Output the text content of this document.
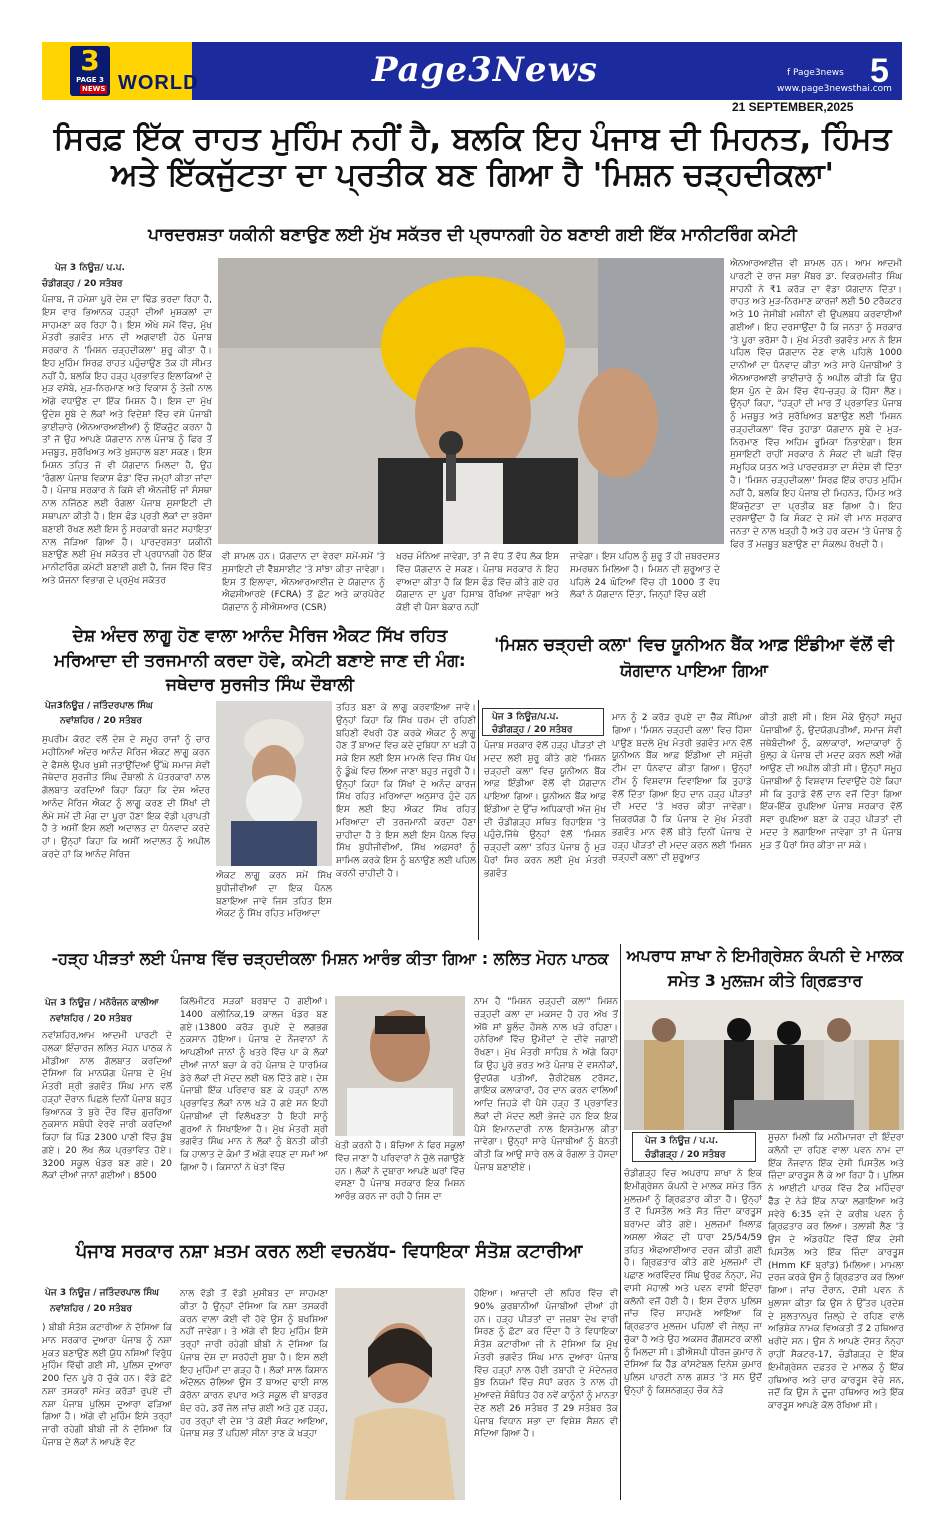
3
PAGE 3
NEWS WORLD	Page3News	f Page3news 5
www.page3newsthai.com
21 SEPTEMBER,2025
ਸਿਰਫ਼ ਇੱਕ ਰਾਹਤ ਮੁਹਿੰਮ ਨਹੀਂ ਹੈ, ਬਲਕਿ ਇਹ ਪੰਜਾਬ ਦੀ ਮਿਹਨਤ, ਹਿੰਮਤ ਅਤੇ ਇੱਕਜੁੱਟਤਾ ਦਾ ਪ੍ਰਤੀਕ ਬਣ ਗਿਆ ਹੈ 'ਮਿਸ਼ਨ ਚੜ੍ਹਦੀਕਲਾ'
ਪਾਰਦਰਸ਼ਤਾ ਯਕੀਨੀ ਬਣਾਉਣ ਲਈ ਮੁੱਖ ਸਕੱਤਰ ਦੀ ਪ੍ਰਧਾਨਗੀ ਹੇਠ ਬਣਾਈ ਗਈ ਇੱਕ ਮਾਨੀਟਰਿੰਗ ਕਮੇਟੀ
ਪੇਜ 3 ਨਿਊਜ਼/ ਪ.ਪ.
ਚੰਡੀਗੜ੍ਹ / 20 ਸਤੰਬਰ
ਪੰਜਾਬ, ਜੋ ਹਮੇਸ਼ਾ ਪੂਰੇ ਦੇਸ਼ ਦਾ ਢਿੱਡ ਭਰਦਾ ਰਿਹਾ ਹੈ, ਇਸ ਵਾਰ ਭਿਆਨਕ ਹੜ੍ਹਾਂ ਦੀਆਂ ਮੁਸ਼ਕਲਾਂ ਦਾ ਸਾਹਮਣਾ ਕਰ ਰਿਹਾ ਹੈ। ਇਸ ਔਖੇ ਸਮੇਂ ਵਿੱਚ, ਮੁੱਖ ਮੰਤਰੀ ਭਗਵੰਤ ਮਾਨ ਦੀ ਅਗਵਾਈ ਹੇਠ ਪੰਜਾਬ ਸਰਕਾਰ ਨੇ 'ਮਿਸ਼ਨ ਚੜ੍ਹਦੀਕਲਾ' ਸ਼ੁਰੂ ਕੀਤਾ ਹੈ। ਇਹ ਮੁਹਿੰਮ ਸਿਰਫ਼ ਰਾਹਤ ਪਹੁੰਚਾਉਣ ਤੱਕ ਹੀ ਸੀਮਤ ਨਹੀਂ ਹੈ, ਬਲਕਿ ਇਹ ਹੜ੍ਹ ਪ੍ਰਭਾਵਿਤ ਇਲਾਕਿਆਂ ਦੇ ਮੁੜ ਵਸੇਬੇ, ਮੁੜ-ਨਿਰਮਾਣ ਅਤੇ ਵਿਕਾਸ ਨੂੰ ਤੇਜ਼ੀ ਨਾਲ ਅੱਗੇ ਵਧਾਉਣ ਦਾ ਇੱਕ ਮਿਸ਼ਨ ਹੈ। ਇਸ ਦਾ ਮੁੱਖ ਉਦੇਸ਼ ਸੂਬੇ ਦੇ ਲੋਕਾਂ ਅਤੇ ਵਿਦੇਸ਼ਾਂ ਵਿੱਚ ਵਸੇ ਪੰਜਾਬੀ ਭਾਈਚਾਰੇ (ਐਨਆਰਆਈਆਂ) ਨੂੰ ਇੱਕਜੁੱਟ ਕਰਨਾ ਹੈ ਤਾਂ ਜੋ ਉਹ ਆਪਣੇ ਯੋਗਦਾਨ ਨਾਲ ਪੰਜਾਬ ਨੂੰ ਫਿਰ ਤੋਂ ਮਜ਼ਬੂਤ, ਸੁਰੱਖਿਅਤ ਅਤੇ ਖੁਸ਼ਹਾਲ ਬਣਾ ਸਕਣ। ਇਸ ਮਿਸ਼ਨ ਤਹਿਤ ਜੋ ਵੀ ਯੋਗਦਾਨ ਮਿਲਦਾ ਹੈ, ਉਹ 'ਰੰਗਲਾ ਪੰਜਾਬ ਵਿਕਾਸ ਫੰਡ' ਵਿੱਚ ਜਮ੍ਹਾਂ ਕੀਤਾ ਜਾਂਦਾ ਹੈ। ਪੰਜਾਬ ਸਰਕਾਰ ਨੇ ਕਿਸੇ ਵੀ ਐਨਜੀਓ ਜਾਂ ਸੰਸਥਾ ਨਾਲ ਨਜਿੱਠਣ ਲਈ ਰੰਗਲਾ ਪੰਜਾਬ ਸੁਸਾਇਟੀ ਦੀ ਸਥਾਪਨਾ ਕੀਤੀ ਹੈ। ਇਸ ਫੰਡ ਪ੍ਰਤੀ ਲੋਕਾਂ ਦਾ ਭਰੋਸਾ ਬਣਾਈ ਰੱਖਣ ਲਈ ਇਸ ਨੂੰ ਸਰਕਾਰੀ ਬਜਟ ਸਹਾਇਤਾ ਨਾਲ ਜੋੜਿਆ ਗਿਆ ਹੈ। ਪਾਰਦਰਸ਼ਤਾ ਯਕੀਨੀ ਬਣਾਉਣ ਲਈ ਮੁੱਖ ਸਕੱਤਰ ਦੀ ਪ੍ਰਧਾਨਗੀ ਹੇਠ ਇੱਕ ਮਾਨੀਟਰਿੰਗ ਕਮੇਟੀ ਬਣਾਈ ਗਈ ਹੈ, ਜਿਸ ਵਿੱਚ ਵਿੱਤ ਅਤੇ ਯੋਜਨਾ ਵਿਭਾਗ ਦੇ ਪ੍ਰਮੁੱਖ ਸਕੱਤਰ
ਵੀ ਸ਼ਾਮਲ ਹਨ। ਯੋਗਦਾਨ ਦਾ ਵੇਰਵਾ ਸਮੇਂ-ਸਮੇਂ 'ਤੇ ਸੁਸਾਇਟੀ ਦੀ ਵੈੱਬਸਾਈਟ 'ਤੇ ਸਾਂਝਾ ਕੀਤਾ ਜਾਵੇਗਾ। ਇਸ ਤੋਂ ਇਲਾਵਾ, ਐਨਆਰਆਈਜ਼ ਦੇ ਯੋਗਦਾਨ ਨੂੰ ਐਫਸੀਆਰਏ (FCRA) ਤੋਂ ਛੋਟ ਅਤੇ ਕਾਰਪੋਰੇਟ ਯੋਗਦਾਨ ਨੂੰ ਸੀਐਸਆਰ (CSR)
ਖਰਚ ਮੰਨਿਆ ਜਾਵੇਗਾ, ਤਾਂ ਜੋ ਵੱਧ ਤੋਂ ਵੱਧ ਲੋਕ ਇਸ ਵਿੱਚ ਯੋਗਦਾਨ ਦੇ ਸਕਣ। ਪੰਜਾਬ ਸਰਕਾਰ ਨੇ ਇਹ ਵਾਅਦਾ ਕੀਤਾ ਹੈ ਕਿ ਇਸ ਫੰਡ ਵਿੱਚ ਕੀਤੇ ਗਏ ਹਰ ਯੋਗਦਾਨ ਦਾ ਪੂਰਾ ਹਿਸਾਬ ਰੱਖਿਆ ਜਾਵੇਗਾ ਅਤੇ ਕੋਈ ਵੀ ਪੈਸਾ ਬੇਕਾਰ ਨਹੀਂ
ਜਾਵੇਗਾ। ਇਸ ਪਹਿਲ ਨੂੰ ਸ਼ੁਰੂ ਤੋਂ ਹੀ ਜ਼ਬਰਦਸਤ ਸਮਰਥਨ ਮਿਲਿਆ ਹੈ। ਮਿਸ਼ਨ ਦੀ ਸ਼ੁਰੂਆਤ ਦੇ ਪਹਿਲੇ 24 ਘੰਟਿਆਂ ਵਿੱਚ ਹੀ 1000 ਤੋਂ ਵੱਧ ਲੋਕਾਂ ਨੇ ਯੋਗਦਾਨ ਦਿੱਤਾ, ਜਿਨ੍ਹਾਂ ਵਿੱਚ ਕਈ
ਐਨਆਰਆਈਜ਼ ਵੀ ਸ਼ਾਮਲ ਹਨ। ਆਮ ਆਦਮੀ ਪਾਰਟੀ ਦੇ ਰਾਜ ਸਭਾ ਮੈਂਬਰ ਡਾ. ਵਿਕਰਮਜੀਤ ਸਿੰਘ ਸਾਹਨੀ ਨੇ ₹1 ਕਰੋੜ ਦਾ ਵੱਡਾ ਯੋਗਦਾਨ ਦਿੱਤਾ। ਰਾਹਤ ਅਤੇ ਮੁੜ-ਨਿਰਮਾਣ ਕਾਰਜਾਂ ਲਈ 50 ਟਰੈਕਟਰ ਅਤੇ 10 ਜੇਸੀਬੀ ਮਸ਼ੀਨਾਂ ਵੀ ਉਪਲਬਧ ਕਰਵਾਈਆਂ ਗਈਆਂ। ਇਹ ਦਰਸਾਉਂਦਾ ਹੈ ਕਿ ਜਨਤਾ ਨੂੰ ਸਰਕਾਰ 'ਤੇ ਪੂਰਾ ਭਰੋਸਾ ਹੈ। ਮੁੱਖ ਮੰਤਰੀ ਭਗਵੰਤ ਮਾਨ ਨੇ ਇਸ ਪਹਿਲ ਵਿੱਚ ਯੋਗਦਾਨ ਦੇਣ ਵਾਲੇ ਪਹਿਲੇ 1000 ਦਾਨੀਆਂ ਦਾ ਧੰਨਵਾਦ ਕੀਤਾ ਅਤੇ ਸਾਰੇ ਪੰਜਾਬੀਆਂ ਤੇ ਐਨਆਰਆਈ ਭਾਈਚਾਰੇ ਨੂੰ ਅਪੀਲ ਕੀਤੀ ਕਿ ਉਹ ਇਸ ਪੁੰਨ ਦੇ ਕੰਮ ਵਿੱਚ ਵੱਧ-ਚੜ੍ਹ ਕੇ ਹਿੱਸਾ ਲੈਣ। ਉਨ੍ਹਾਂ ਕਿਹਾ, "ਹੜ੍ਹਾਂ ਦੀ ਮਾਰ ਤੋਂ ਪ੍ਰਭਾਵਿਤ ਪੰਜਾਬ ਨੂੰ ਮਜ਼ਬੂਤ ਅਤੇ ਸੁਰੱਖਿਅਤ ਬਣਾਉਣ ਲਈ 'ਮਿਸ਼ਨ ਚੜ੍ਹਦੀਕਲਾ' ਵਿੱਚ ਤੁਹਾਡਾ ਯੋਗਦਾਨ ਸੂਬੇ ਦੇ ਮੁੜ-ਨਿਰਮਾਣ ਵਿੱਚ ਅਹਿਮ ਭੂਮਿਕਾ ਨਿਭਾਏਗਾ। ਇਸ ਸੁਸਾਇਟੀ ਰਾਹੀਂ ਸਰਕਾਰ ਨੇ ਸੰਕਟ ਦੀ ਘੜੀ ਵਿੱਚ ਸਮੂਹਿਕ ਯਤਨ ਅਤੇ ਪਾਰਦਰਸ਼ਤਾ ਦਾ ਸੰਦੇਸ਼ ਵੀ ਦਿੱਤਾ ਹੈ। 'ਮਿਸ਼ਨ ਚੜ੍ਹਦੀਕਲਾ' ਸਿਰਫ਼ ਇੱਕ ਰਾਹਤ ਮੁਹਿੰਮ ਨਹੀਂ ਹੈ, ਬਲਕਿ ਇਹ ਪੰਜਾਬ ਦੀ ਮਿਹਨਤ, ਹਿੰਮਤ ਅਤੇ ਇੱਕਜੁੱਟਤਾ ਦਾ ਪ੍ਰਤੀਕ ਬਣ ਗਿਆ ਹੈ। ਇਹ ਦਰਸਾਉਂਦਾ ਹੈ ਕਿ ਸੰਕਟ ਦੇ ਸਮੇਂ ਵੀ ਮਾਨ ਸਰਕਾਰ ਜਨਤਾ ਦੇ ਨਾਲ ਖੜ੍ਹੀ ਹੈ ਅਤੇ ਹਰ ਕਦਮ 'ਤੇ ਪੰਜਾਬ ਨੂੰ ਫਿਰ ਤੋਂ ਮਜ਼ਬੂਤ ਬਣਾਉਣ ਦਾ ਸੰਕਲਪ ਰੱਖਦੀ ਹੈ।
ਦੇਸ਼ ਅੰਦਰ ਲਾਗੂ ਹੋਣ ਵਾਲਾ ਆਨੰਦ ਮੈਰਿਜ ਐਕਟ ਸਿੱਖ ਰਹਿਤ ਮਰਿਆਦਾ ਦੀ ਤਰਜਮਾਨੀ ਕਰਦਾ ਹੋਵੇ, ਕਮੇਟੀ ਬਣਾਏ ਜਾਣ ਦੀ ਮੰਗ: ਜਥੇਦਾਰ ਸੁਰਜੀਤ ਸਿੰਘ ਦੌਬਾਲੀ
ਪੇਜ3ਨਿਊਜ਼ / ਜਤਿੰਦਰਪਾਲ ਸਿੰਘ
ਨਵਾਂਸ਼ਹਿਰ / 20 ਸਤੰਬਰ
ਸੁਪਰੀਮ ਕੋਰਟ ਵਲੋਂ ਦੇਸ਼ ਦੇ ਸਮੂਹ ਰਾਜਾਂ ਨੂੰ ਚਾਰ ਮਹੀਨਿਆਂ ਅੰਦਰ ਆਨੰਦ ਮੈਰਿਜ ਐਕਟ ਲਾਗੂ ਕਰਨ ਦੇ ਫੈਸਲੇ ਉਪਰ ਖੁਸ਼ੀ ਜਤਾਉਂਦਿਆਂ ਉੱਘੇ ਸਮਾਜ ਸੇਵੀ ਜੱਥੇਦਾਰ ਸੁਰਜੀਤ ਸਿੰਘ ਦੌਬਾਲੀ ਨੇ ਪੱਤਰਕਾਰਾਂ ਨਾਲ ਗੱਲਬਾਤ ਕਰਦਿਆਂ ਕਿਹਾ ਕਿਹਾ ਕਿ ਦੇਸ਼ ਅੰਦਰ ਆਨੰਦ ਮੈਰਿਜ ਐਕਟ ਨੂੰ ਲਾਗੂ ਕਰਣ ਦੀ ਸਿੱਖਾਂ ਦੀ ਲੰਮੇ ਸਮੇਂ ਦੀ ਮੰਗ ਦਾ ਪੂਰਾ ਹੋਣਾ ਇਕ ਵੱਡੀ ਪ੍ਰਾਪਤੀ ਹੈ ਤੇ ਅਸੀਂ ਇਸ ਲਈ ਅਦਾਲਤ ਦਾ ਧੰਨਵਾਦ ਕਰਦੇ ਹਾਂ। ਉਨ੍ਹਾਂ ਕਿਹਾ ਕਿ ਅਸੀਂ ਅਦਾਲਤ ਨੂੰ ਅਪੀਲ ਕਰਦੇ ਹਾਂ ਕਿ ਆਨੰਦ ਮੈਰਿਜ
ਐਕਟ ਲਾਗੂ ਕਰਨ ਸਮੇਂ ਸਿੱਖ ਬੁਧੀਜੀਵੀਆਂ ਦਾ ਇਕ ਪੈਨਲ ਬਣਾਇਆ ਜਾਵੇ ਜਿਸ ਤਹਿਤ ਇਸ ਐਕਟ ਨੂੰ ਸਿੱਖ ਰਹਿਤ ਮਰਿਆਦਾ
ਤਹਿਤ ਬਣਾ ਕੇ ਲਾਗੂ ਕਰਵਾਇਆ ਜਾਵੇ। ਉਨ੍ਹਾਂ ਕਿਹਾ ਕਿ ਸਿੱਖ ਧਰਮ ਦੀ ਰਹਿਣੀ ਬਹਿਣੀ ਵੱਖਰੀ ਹੋਣ ਕਰਕੇ ਐਕਟ ਨੂੰ ਲਾਗੂ ਹੋਣ ਤੋਂ ਬਾਅਦ ਵਿਚ ਕਦੇ ਦੁਬਿਧਾ ਨਾ ਖੜੀ ਹੋ ਸਕੇ ਇਸ ਲਈ ਇਸ ਮਾਮਲੇ ਵਿਚ ਸਿੱਖ ਪੱਖ ਨੂੰ ਡੂੰਘੇ ਵਿਚ ਲਿਆ ਜਾਣਾ ਬਹੁਤ ਜਰੂਰੀ ਹੈ। ਉਨ੍ਹਾਂ ਕਿਹਾ ਕਿ ਸਿੱਖਾਂ ਦੇ ਅਨੰਦ ਕਾਰਜ ਸਿੱਖ ਰਹਿਤ ਮਰਿਆਦਾ ਅਨੁਸਾਰ ਹੁੰਦੇ ਹਨ ਇਸ ਲਈ ਇਹ ਐਕਟ ਸਿੱਖ ਰਹਿਤ ਮਰਿਆਦਾ ਦੀ ਤਰਜਮਾਨੀ ਕਰਦਾ ਹੋਣਾ ਚਾਹੀਦਾ ਹੈ ਤੇ ਇਸ ਲਈ ਇਸ ਪੈਨਲ ਵਿਚ ਸਿੱਖ ਬੁਧੀਜੀਵੀਆਂ, ਸਿੱਖ ਅਫ਼ਸਰਾਂ ਨੂੰ ਸ਼ਾਮਿਲ ਕਰਕੇ ਇਸ ਨੂੰ ਬਨਾਉਣ ਲਈ ਪਹਿਲ ਕਰਨੀ ਚਾਹੀਦੀ ਹੈ।
'ਮਿਸ਼ਨ ਚੜ੍ਹਦੀ ਕਲਾ' ਵਿਚ ਯੂਨੀਅਨ ਬੈਂਕ ਆਫ਼ ਇੰਡੀਆ ਵੱਲੋਂ ਵੀ ਯੋਗਦਾਨ ਪਾਇਆ ਗਿਆ
ਪੇਜ 3 ਨਿਊਜ਼/ਪ.ਪ.
ਚੰਡੀਗੜ੍ਹ / 20 ਸਤੰਬਰ
ਪੰਜਾਬ ਸਰਕਾਰ ਵੱਲੋਂ ਹੜ੍ਹ ਪੀੜਤਾਂ ਦੀ ਮਦਦ ਲਈ ਸ਼ੁਰੂ ਕੀਤੇ ਗਏ 'ਮਿਸ਼ਨ ਚੜ੍ਹਦੀ ਕਲਾ' ਵਿਚ ਯੂਨੀਅਨ ਬੈਂਕ ਆਫ਼ ਇੰਡੀਆ ਵੱਲੋਂ ਵੀ ਯੋਗਦਾਨ ਪਾਇਆ ਗਿਆ। ਯੂਨੀਅਨ ਬੈਂਕ ਆਫ਼ ਇੰਡੀਆ ਦੇ ਉੱਚ ਅਧਿਕਾਰੀ ਅੱਜ ਮੁੱਖ ਦੀ ਚੰਡੀਗੜ੍ਹ ਸਥਿਤ ਰਿਹਾਇਸ਼ 'ਤੇ ਪਹੁੰਚੇ,ਜਿੱਥੇ ਉਨ੍ਹਾਂ ਵੱਲੋਂ 'ਮਿਸ਼ਨ ਚੜ੍ਹਦੀ ਕਲਾ' ਤਹਿਤ ਪੰਜਾਬ ਨੂੰ ਮੁੜ ਪੈਰਾਂ ਸਿਰ ਕਰਨ ਲਈ ਮੁੱਖ ਮੰਤਰੀ ਭਗਵੰਤ
ਮਾਨ ਨੂੰ 2 ਕਰੋੜ ਰੁਪਏ ਦਾ ਚੈੱਕ ਸੌਂਪਿਆ ਗਿਆ। 'ਮਿਸ਼ਨ ਚੜ੍ਹਦੀ ਕਲਾ' ਵਿਚ ਹਿੱਸਾ ਪਾਉਣ ਬਦਲੇ ਮੁੱਖ ਮੰਤਰੀ ਭਗਵੰਤ ਮਾਨ ਵੱਲੋਂ ਯੂਨੀਅਨ ਬੈਂਕ ਆਫ਼ ਇੰਡੀਆ ਦੀ ਸਮੁੱਚੀ ਟੀਮ ਦਾ ਧੰਨਵਾਦ ਕੀਤਾ ਗਿਆ। ਉਨ੍ਹਾਂ ਟੀਮ ਨੂੰ ਵਿਸ਼ਵਾਸ ਦਿਵਾਇਆ ਕਿ ਤੁਹਾਡੇ ਵੱਲੋਂ ਦਿੱਤਾ ਗਿਆ ਇਹ ਦਾਨ ਹੜ੍ਹ ਪੀੜਤਾਂ ਦੀ ਮਦਦ 'ਤੇ ਖ਼ਰਚ ਕੀਤਾ ਜਾਵੇਗਾ। ਜ਼ਿਕਰਯੋਗ ਹੈ ਕਿ ਪੰਜਾਬ ਦੇ ਮੁੱਖ ਮੰਤਰੀ ਭਗਵੰਤ ਮਾਨ ਵੱਲੋਂ ਬੀਤੇ ਦਿਨੀਂ ਪੰਜਾਬ ਦੇ ਹੜ੍ਹ ਪੀੜਤਾਂ ਦੀ ਮਦਦ ਕਰਨ ਲਈ 'ਮਿਸ਼ਨ ਚੜ੍ਹਦੀ ਕਲਾ' ਦੀ ਸ਼ੁਰੂਆਤ
ਕੀਤੀ ਗਈ ਸੀ। ਇਸ ਮੌਕੇ ਉਨ੍ਹਾਂ ਸਮੂਹ ਪੰਜਾਬੀਆਂ ਨੂੰ, ਉਦਯੋਗਪਤੀਆਂ, ਸਮਾਜ ਸੇਵੀ ਜਥੇਬੰਦੀਆਂ ਨੂੰ, ਕਲਾਕਾਰਾਂ, ਅਦਾਕਾਰਾਂ ਨੂੰ ਖੁੱਲ੍ਹ ਕੇ ਪੰਜਾਬ ਦੀ ਮਦਦ ਕਰਨ ਲਈ ਅੱਗੇ ਆਉਣ ਦੀ ਅਪੀਲ ਕੀਤੀ ਸੀ। ਉਨ੍ਹਾਂ ਸਮੂਹ ਪੰਜਾਬੀਆਂ ਨੂੰ ਵਿਸ਼ਵਾਸ ਦਿਵਾਉਂਦੇ ਹੋਏ ਕਿਹਾ ਸੀ ਕਿ ਤੁਹਾਡੇ ਵੱਲੋਂ ਦਾਨ ਵਜੋਂ ਦਿੱਤਾ ਗਿਆ ਇੱਕ-ਇੱਕ ਰੁਪਇਆ ਪੰਜਾਬ ਸਰਕਾਰ ਵੱਲੋਂ ਸਵਾ ਰੁਪਇਆ ਬਣਾ ਕੇ ਹੜ੍ਹ ਪੀੜਤਾਂ ਦੀ ਮਦਦ ਤੇ ਲਗਾਇਆ ਜਾਵੇਗਾ ਤਾਂ ਜੋ ਪੰਜਾਬ ਮੁੜ ਤੋਂ ਪੈਰਾਂ ਸਿਰ ਕੀਤਾ ਜਾ ਸਕੇ।
-ਹੜ੍ਹ ਪੀੜਤਾਂ ਲਈ ਪੰਜਾਬ ਵਿੱਚ ਚੜ੍ਹਦੀਕਲਾ ਮਿਸ਼ਨ ਆਰੰਭ ਕੀਤਾ ਗਿਆ : ਲਲਿਤ ਮੋਹਨ ਪਾਠਕ
ਪੇਜ 3 ਨਿਊਜ਼ / ਮਨੋਰੰਜਨ ਕਾਲੀਆ
ਨਵਾਂਸ਼ਹਿਰ / 20 ਸਤੰਬਰ
ਨਵਾਂਸ਼ਹਿਰ,ਆਮ ਆਦਮੀ ਪਾਰਟੀ ਦੇ ਹਲਕਾ ਇੰਚਾਰਜ ਲਲਿਤ ਮੋਹਨ ਪਾਠਕ ਨੇ ਮੀਡੀਆ ਨਾਲ ਗੱਲਬਾਤ ਕਰਦਿਆਂ ਦੱਸਿਆ ਕਿ ਮਾਨਯੋਗ ਪੰਜਾਬ ਦੇ ਮੁੱਖ ਮੰਤਰੀ ਸ਼੍ਰੀ ਭਗਵੰਤ ਸਿੰਘ ਮਾਨ ਵਲੋਂ ਹੜ੍ਹਾਂ ਦੌਰਾਨ ਪਿਛਲੇ ਦਿਨੀਂ ਪੰਜਾਬ ਬਹੁਤ ਭਿਆਨਕ ਤੇ ਬੁਰੇ ਦੌਰ ਵਿੱਚ ਗੁਜ਼ਰਿਆ ਨੁਕਸਾਨ ਸਬੰਧੀ ਵੇਰਵੇ ਜਾਰੀ ਕਰਦਿਆਂ ਕਿਹਾ ਕਿ ਪਿੰਡ 2300 ਪਾਣੀ ਵਿੱਚ ਡੁੱਬ ਗਏ। 20 ਲੱਖ ਲੋਕ ਪ੍ਰਭਾਵਿਤ ਹੋਏ। 3200 ਸਕੂਲ ਖੰਡਰ ਬਣ ਗਏ। 20 ਲੋਕਾਂ ਦੀਆਂ ਜਾਨਾਂ ਗਈਆਂ। 8500
ਕਿਲੋਮੀਟਰ ਸੜਕਾਂ ਬਰਬਾਦ ਹੋ ਗਈਆਂ।1400 ਕਲੀਨਿਕ,19 ਕਾਲਜ ਖੰਡਰ ਬਣ ਗਏ।13800 ਕਰੋੜ ਰੁਪਏ ਦੇ ਲਗਭਗ ਨੁਕਸਾਨ ਹੋਇਆ। ਪੰਜਾਬ ਦੇ ਨੌਜਵਾਨਾਂ ਨੇ ਆਪਣੀਆਂ ਜਾਨਾਂ ਨੂੰ ਖਤਰੇ ਵਿੱਚ ਪਾ ਕੇ ਲੋਕਾਂ ਦੀਆਂ ਜਾਨਾਂ ਬਚਾ ਕੇ ਰਹੇ ਪੰਜਾਬ ਦੇ ਧਾਰਮਿਕ ਡੇਰੇ ਲੋਕਾਂ ਦੀ ਮੱਦਦ ਲਈ ਖੋਲ ਦਿੱਤੇ ਗਏ। ਦੇਸ਼ ਪੰਜਾਬੀ ਇੱਕ ਪਰਿਵਾਰ ਬਣ ਕੇ ਹੜ੍ਹਾਂ ਨਾਲ ਪ੍ਰਭਾਵਿਤ ਲੋਕਾਂ ਨਾਲ ਖੜੇ ਹੋ ਗਏ ਸਨ ਇਹੀ ਪੰਜਾਬੀਆਂ ਦੀ ਵਿਲੱਖਣਤਾ ਹੈ ਇਹੀ ਸਾਨੂੰ ਗੁਰਆਂ ਨੇ ਸਿਖਾਇਆ ਹੈ। ਮੁੱਖ ਮੰਤਰੀ ਸ਼੍ਰੀ ਭਗਵੰਤ ਸਿੰਘ ਮਾਨ ਨੇ ਲੋਕਾਂ ਨੂੰ ਬੇਨਤੀ ਕੀਤੀ ਕਿ ਹਾਲਾਤ ਦੇ ਕੰਮਾਂ ਤੋਂ ਅੱਗੇ ਵਧਣ ਦਾ ਸਮਾਂ ਆ ਗਿਆ ਹੈ। ਕਿਸਾਨਾਂ ਨੇ ਖੇਤਾਂ ਵਿੱਚ
ਖੇਤੀ ਕਰਨੀ ਹੈ। ਬੱਚਿਆ ਨੇ ਫਿਰ ਸਕੂਲਾਂ ਵਿੱਚ ਜਾਣਾ ਹੈ ਪਰਿਵਾਰਾਂ ਨੇ ਚੁੱਲੇ ਜਗਾਉਣੇ ਹਨ। ਲੋਕਾਂ ਨੇ ਦੁਬਾਰਾ ਆਪਣੇ ਘਰਾਂ ਵਿੱਚ ਵਸਣਾ ਹੈ ਪੰਜਾਬ ਸਰਕਾਰ ਇਕ ਮਿਸ਼ਨ ਆਰੰਭ ਕਰਨ ਜਾ ਰਹੀ ਹੈ ਜਿਸ ਦਾ
ਨਾਮ ਹੈ "ਮਿਸ਼ਨ ਚੜ੍ਹਦੀ ਕਲਾ" ਮਿਸ਼ਨ ਚੜ੍ਹਦੀ ਕਲਾ ਦਾ ਮਕਸਦ ਹੈ ਹਰ ਅੱਖ ਤੋਂ ਅੱਥੋ ਸਾਂ ਬੂਲੰਦ ਹੌਸਲੇ ਨਾਲ ਖੜੇ ਰਹਿਣਾ। ਹਨੇਰਿਆਂ ਵਿੱਚ ਉਮੀਦਾਂ ਦੇ ਦੀਵੇ ਜਗਾਈ ਰੱਖਣਾ। ਮੁੱਖ ਮੰਤਰੀ ਸਾਹਿਬ ਨੇ ਅੱਗੇ ਕਿਹਾ ਕਿ ਉਹ ਪੂਰੇ ਭਰਤ ਅਤੇ ਪੰਜਾਬ ਦੇ ਵਸਨੀਕਾਂ, ਉਦਯੋਗ ਪਤੀਆਂ, ਚੈਰੀਟੇਬਲ ਟਰੱਸਟ, ਗਾਇਕ ਕਲਾਕਾਰਾਂ, ਹੋਰ ਦਾਨ ਕਰਨ ਵਾਲਿਆਂ ਆਦਿ ਜਿਹੜੇ ਵੀ ਪੈਸੇ ਹੜ੍ਹ ਤੋਂ ਪ੍ਰਭਾਵਿਤ ਲੋਕਾਂ ਦੀ ਮੱਦਦ ਲਈ ਭੇਜਦੇ ਹਨ ਇਕ ਇਕ ਪੈਸੇ ਇਮਾਨਦਾਰੀ ਨਾਲ ਇਸਤੇਮਾਲ ਕੀਤਾ ਜਾਵੇਗਾ। ਉਨ੍ਹਾਂ ਸਾਰੇ ਪੰਜਾਬੀਆਂ ਨੂੰ ਬੇਨਤੀ ਕੀਤੀ ਕਿ ਆਉ ਸਾਰੇ ਰਲ ਕੇ ਰੰਗਲਾ ਤੇ ਹੱਸਦਾ ਪੰਜਾਬ ਬਣਾਈਏ।
ਅਪਰਾਧ ਸ਼ਾਖਾ ਨੇ ਇਮੀਗ੍ਰੇਸ਼ਨ ਕੰਪਨੀ ਦੇ ਮਾਲਕ ਸਮੇਤ 3 ਮੁਲਜ਼ਮ ਕੀਤੇ ਗ੍ਰਿਫ਼ਤਾਰ
ਪੇਜ 3 ਨਿਊਜ਼ / ਪ.ਪ.
ਚੰਡੀਗੜ੍ਹ / 20 ਸਤੰਬਰ
ਚੰਡੀਗੜ੍ਹ ਵਿਚ ਅਪਰਾਧ ਸ਼ਾਖਾ ਨੇ ਇਕ ਇਮੀਗ੍ਰੇਸ਼ਨ ਕੰਪਨੀ ਦੇ ਮਾਲਕ ਸਮੇਤ ਤਿੰਨ ਮੁਲਜ਼ਮਾਂ ਨੂੰ ਗ੍ਰਿਫ਼ਤਾਰ ਕੀਤਾ ਹੈ। ਉਨ੍ਹਾਂ ਤੋਂ ਦੋ ਪਿਸਤੌਲ ਅਤੇ ਸੱਤ ਜ਼ਿੰਦਾ ਕਾਰਤੂਸ ਬਰਾਮਦ ਕੀਤੇ ਗਏ। ਮੁਲਜ਼ਮਾਂ ਖ਼ਿਲਾਫ਼ ਅਸਲਾ ਐਕਟ ਦੀ ਧਾਰਾ 25/54/59 ਤਹਿਤ ਐਫਆਈਆਰ ਦਰਜ ਕੀਤੀ ਗਈ ਹੈ। ਗ੍ਰਿਫ਼ਤਾਰ ਕੀਤੇ ਗਏ ਮੁਲਜ਼ਮਾਂ ਦੀ ਪਛਾਣ ਅਰਵਿੰਦਰ ਸਿੰਘ ਉਰਫ਼ ਨੰਨ੍ਹਾ, ਮੌਹ ਵਾਸੀ ਮੋਹਾਲੀ ਅਤੇ ਪਵਨ ਵਾਸੀ ਇੰਦਰਾ ਕਲੋਨੀ ਵਜੋਂ ਹੋਈ ਹੈ। ਇਸ ਦੌਰਾਨ ਪੁਲਿਸ ਜਾਂਚ ਵਿੱਚ ਸਾਹਮਣੇ ਆਇਆ ਕਿ ਗ੍ਰਿਫ਼ਤਾਰ ਮੁਲਜ਼ਮ ਪਹਿਲਾਂ ਵੀ ਜੇਲ੍ਹ ਜਾ ਚੁੱਕਾ ਹੈ ਅਤੇ ਉਹ ਅਕਸਰ ਗੈਂਗਸਟਰ ਕਾਲੀ ਨੂੰ ਮਿਲਦਾ ਸੀ। ਡੀਐਸਪੀ ਧੀਰਜ ਕੁਮਾਰ ਨੇ ਦੱਸਿਆ ਕਿ ਹੈੱਡ ਕਾਂਸਟੇਬਲ ਦਿਨੇਸ਼ ਕੁਮਾਰ ਪੁਲਿਸ ਪਾਰਟੀ ਨਾਲ ਗਸ਼ਤ 'ਤੇ ਸਨ ਉਦੋਂ ਉਨ੍ਹਾਂ ਨੂੰ ਕਿਸ਼ਨਗੜ੍ਹ ਚੌਕ ਨੇੜੇ
ਸੂਚਨਾ ਮਿਲੀ ਕਿ ਮਨੀਮਾਜਰਾ ਦੀ ਇੰਦਰਾ ਕਲੋਨੀ ਦਾ ਰਹਿਣ ਵਾਲਾ ਪਵਨ ਨਾਮ ਦਾ ਇੱਕ ਨੌਜਵਾਨ ਇੱਕ ਦੇਸੀ ਪਿਸਤੌਲ ਅਤੇ ਜ਼ਿੰਦਾ ਕਾਰਤੂਸ ਲੈ ਕੇ ਆ ਰਿਹਾ ਹੈ। ਪੁਲਿਸ ਨੇ ਆਈਟੀ ਪਾਰਕ ਵਿੱਚ ਟੈਕ ਮਹਿੰਦਰਾ ਫੈੱਡ ਦੇ ਨੇੜੇ ਇੱਕ ਨਾਕਾ ਲਗਾਇਆ ਅਤੇ ਸਵੇਰੇ 6:35 ਵਜੇ ਦੇ ਕਰੀਬ ਪਵਨ ਨੂੰ ਗ੍ਰਿਫ਼ਤਾਰ ਕਰ ਲਿਆ। ਤਲਾਸ਼ੀ ਲੈਣ 'ਤੇ ਉਸ ਦੇ ਅੰਡਰਪੈਂਟ ਵਿੱਚੋਂ ਇੱਕ ਦੇਸੀ ਪਿਸਤੌਲ ਅਤੇ ਇੱਕ ਜ਼ਿੰਦਾ ਕਾਰਤੂਸ (Hmm KF ਬ੍ਰਾਂਡ) ਮਿਲਿਆ। ਮਾਮਲਾ ਦਰਜ ਕਰਕੇ ਉਸ ਨੂੰ ਗ੍ਰਿਫ਼ਤਾਰ ਕਰ ਲਿਆ ਗਿਆ। ਜਾਂਚ ਦੌਰਾਨ, ਦੋਸ਼ੀ ਪਵਨ ਨੇ ਖੁਲਾਸਾ ਕੀਤਾ ਕਿ ਉਸ ਨੇ ਉੱਤਰ ਪ੍ਰਦੇਸ਼ ਦੇ ਸੁਲਤਾਨਪੁਰ ਜ਼ਿਲ੍ਹੇ ਦੇ ਰਹਿਣ ਵਾਲੇ ਅਭਿਸ਼ੇਕ ਨਾਮਕ ਵਿਅਕਤੀ ਤੋਂ 2 ਹਥਿਆਰ ਖਰੀਦੇ ਸਨ। ਉਸ ਨੇ ਆਪਣੇ ਦੋਸਤ ਨੰਨ੍ਹਾ ਰਾਹੀਂ ਸੈਕਟਰ-17, ਚੰਡੀਗੜ੍ਹ ਦੇ ਇੱਕ ਇਮੀਗ੍ਰੇਸ਼ਨ ਦਫ਼ਤਰ ਦੇ ਮਾਲਕ ਨੂੰ ਇੱਕ ਹਥਿਆਰ ਅਤੇ ਚਾਰ ਕਾਰਤੂਸ ਵੇਚੇ ਸਨ, ਜਦੋਂ ਕਿ ਉਸ ਨੇ ਦੂਜਾ ਹਥਿਆਰ ਅਤੇ ਇੱਕ ਕਾਰਤੂਸ ਆਪਣੇ ਕੋਲ ਰੱਖਿਆ ਸੀ।
ਪੰਜਾਬ ਸਰਕਾਰ ਨਸ਼ਾ ਖ਼ਤਮ ਕਰਨ ਲਈ ਵਚਨਬੱਧ- ਵਿਧਾਇਕਾ ਸੰਤੋਸ਼ ਕਟਾਰੀਆ
ਪੇਜ 3 ਨਿਊਜ਼ / ਜਤਿੰਦਰਪਾਲ ਸਿੰਘ
ਨਵਾਂਸ਼ਹਿਰ / 20 ਸਤੰਬਰ
) ਬੀਬੀ ਸੰਤੋਸ਼ ਕਟਾਰੀਆ ਨੇ ਦੱਸਿਆ ਕਿ ਮਾਨ ਸਰਕਾਰ ਦੁਆਰਾ ਪੰਜਾਬ ਨੂੰ ਨਸ਼ਾ ਮੁਕਤ ਬਣਾਉਣ ਲਈ ਯੁੱਧ ਨਸ਼ਿਆਂ ਵਿਰੁੱਧ ਮੁਹਿੰਮ ਵਿੱਢੀ ਗਈ ਸੀ, ਪੁਲਿਸ ਦੁਆਰਾ 200 ਦਿਨ ਪੂਰੇ ਹੋ ਚੁੱਕੇ ਹਨ। ਵੱਡੇ ਛੋਟੇ ਨਸ਼ਾ ਤਸਕਰਾਂ ਸਮੇਤ ਕਰੋੜਾਂ ਰੁਪਏ ਦੀ ਨਸ਼ਾ ਪੰਜਾਬ ਪੁਲਿਸ ਦੁਆਰਾ ਫੜਿਆ ਗਿਆ ਹੈ। ਅੱਗੇ ਵੀ ਮੁਹਿੰਮ ਇਸੇ ਤਰ੍ਹਾਂ ਜਾਰੀ ਰਹੇਗੀ ਬੀਬੀ ਜੀ ਨੇ ਦੱਸਿਆ ਕਿ ਪੰਜਾਬ ਦੇ ਲੋਕਾਂ ਨੇ ਆਪਣੇ ਵੋਟ
ਨਾਲ ਵੱਡੀ ਤੋਂ ਵੱਡੀ ਮੁਸੀਬਤ ਦਾ ਸਾਹਮਣਾ ਕੀਤਾ ਹੈ ਉਨ੍ਹਾਂ ਦੱਸਿਆ ਕਿ ਨਸ਼ਾ ਤਸਕਰੀ ਕਰਨ ਵਾਲਾ ਕੋਈ ਵੀ ਹੋਵੇ ਉਸ ਨੂੰ ਬਖਸ਼ਿਆ ਨਹੀਂ ਜਾਵੇਗਾ। ਤੇ ਅੱਗੇ ਵੀ ਇਹ ਮੁਹਿੰਮ ਇਸੇ ਤਰ੍ਹਾਂ ਜਾਰੀ ਰਹੇਗੀ ਬੀਬੀ ਨੇ ਦੱਸਿਆ ਕਿ ਪੰਜਾਬ ਦੇਸ਼ ਦਾ ਸਰਹੱਦੀ ਸੂਬਾ ਹੈ। ਇਸ ਲਈ ਇਹ ਮੁਹਿੰਮਾਂ ਦਾ ਗੜ੍ਹ ਹੈ। ਲੋਕਾਂ ਸਾਲ ਕਿਸਾਨ ਅੰਦੋਲਨ ਚੱਲਿਆ ਉਸ ਤੋਂ ਬਾਅਦ ਢਾਈ ਸਾਲ ਕੋਰੋਨਾ ਕਾਰਨ ਵਪਾਰ ਅਤੇ ਸਕੂਲ ਵੀ ਬਾਰਡਰ ਬੰਦ ਰਹੇ, ਡਰੋਂ ਜੇਲ ਜਾਂਚ ਗਈ ਅਤੇ ਹੁਣ ਹੜ੍ਹ, ਹਰ ਤਰ੍ਹਾਂ ਵੀ ਦੇਸ਼ 'ਤੇ ਕੋਈ ਸੰਕਟ ਆਇਆ, ਪੰਜਾਬ ਸਭ ਤੋਂ ਪਹਿਲਾਂ ਸੀਨਾ ਤਾਣ ਕੇ ਖੜ੍ਹਾ
ਹੋਇਆ। ਆਜ਼ਾਦੀ ਦੀ ਲਹਿਰ ਵਿੱਚ ਵੀ 90% ਕੁਰਬਾਨੀਆਂ ਪੰਜਾਬੀਆਂ ਦੀਆਂ ਹੀ ਹਨ। ਹੜ੍ਹ ਪੀੜਤਾਂ ਦਾ ਜਜ਼ਬਾ ਦੇਖ ਵਾਰੀ ਸਿਰਣ ਨੂੰ ਛੋਟਾ ਕਰ ਦਿੰਦਾ ਹੈ ਤੇ ਵਿਧਾਇਕਾ ਸੰਤੋਸ਼ ਕਟਾਰੀਆ ਜੀ ਨੇ ਦੱਸਿਆ ਕਿ ਮੁੱਖ ਮੰਤਰੀ ਭਗਵੰਤ ਸਿੰਘ ਮਾਨ ਦੁਆਰਾ ਪੰਜਾਬ ਵਿੱਚ ਹੜ੍ਹਾਂ ਨਾਲ ਹੋਈ ਤਬਾਹੀ ਦੇ ਮੱਦੇਨਜ਼ਰ ਬੁੱਝ ਨਿਯਮਾਂ ਵਿੱਚ ਸੋਧਾਂ ਕਰਨ ਤੇ ਨਾਲ ਹੀ ਮੁਆਵਜ਼ੇ ਸੰਬੰਧਿਤ ਹੋਰ ਨਵੇਂ ਕਾਨੂੰਨਾਂ ਨੂੰ ਮਾਨਤਾ ਦੇਣ ਲਈ 26 ਸਤੰਬਰ ਤੋਂ 29 ਸਤੰਬਰ ਤੱਕ ਪੰਜਾਬ ਵਿਧਾਨ ਸਭਾ ਦਾ ਵਿਸ਼ੇਸ਼ ਸੈਸ਼ਨ ਵੀ ਸੱਦਿਆ ਗਿਆ ਹੈ।
